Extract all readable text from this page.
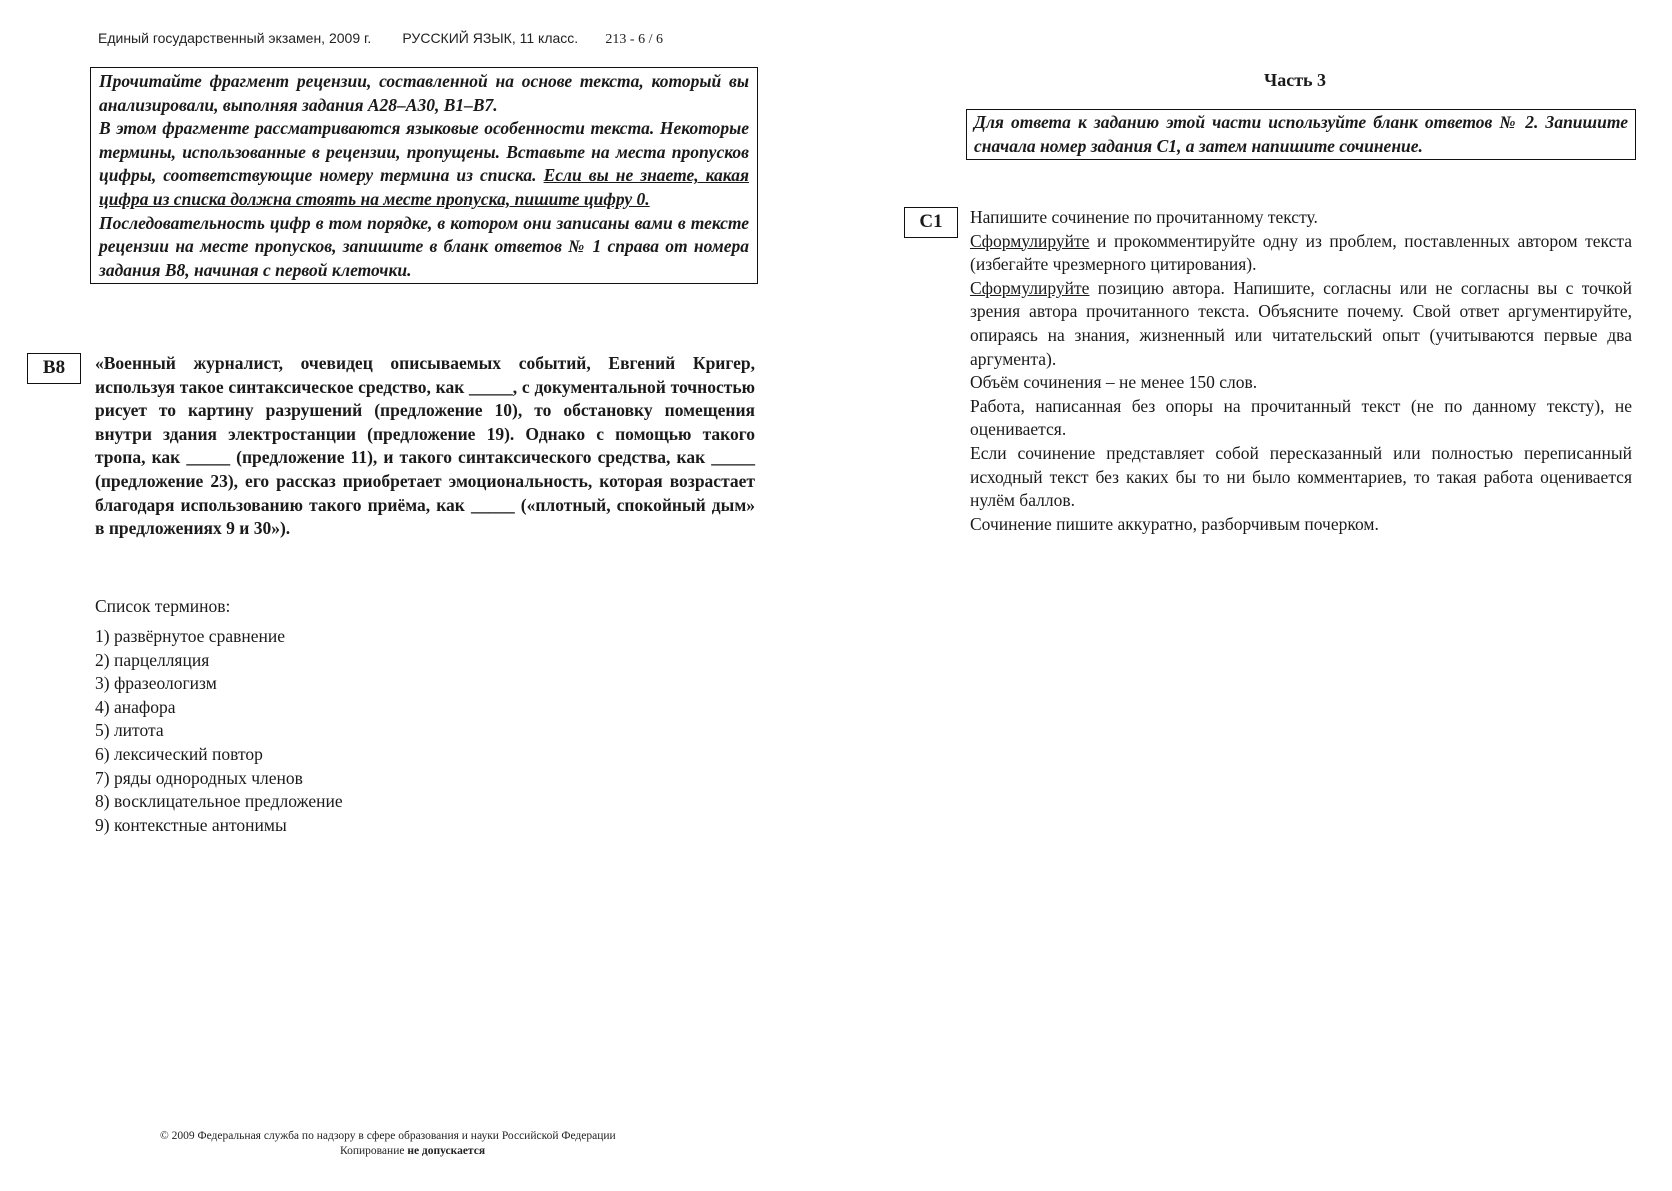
Единый государственный экзамен, 2009 г. РУССКИЙ ЯЗЫК, 11 класс. 213 - 6 / 6

Прочитайте фрагмент рецензии, составленной на основе текста, который вы анализировали, выполняя задания А28–А30, В1–В7.

В этом фрагменте рассматриваются языковые особенности текста. Некоторые термины, использованные в рецензии, пропущены. Вставьте на места пропусков цифры, соответствующие номеру термина из списка. Если вы не знаете, какая цифра из списка должна стоять на месте пропуска, пишите цифру 0.

Последовательность цифр в том порядке, в котором они записаны вами в тексте рецензии на месте пропусков, запишите в бланк ответов № 1 справа от номера задания В8, начиная с первой клеточки.

В8	«Военный журналист, очевидец описываемых событий, Евгений Кригер, используя такое синтаксическое средство, как _____, с документальной точностью рисует то картину разрушений (предложение 10), то обстановку помещения внутри здания электростанции (предложение 19). Однако с помощью такого тропа, как _____ (предложение 11), и такого синтаксического средства, как _____ (предложение 23), его рассказ приобретает эмоциональность, которая возрастает благодаря использованию такого приёма, как _____ («плотный, спокойный дым» в предложениях 9 и 30»).

Список терминов:
1) развёрнутое сравнение
2) парцелляция
3) фразеологизм
4) анафора
5) литота
6) лексический повтор
7) ряды однородных членов
8) восклицательное предложение
9) контекстные антонимы
Часть 3

Для ответа к заданию этой части используйте бланк ответов № 2. Запишите сначала номер задания С1, а затем напишите сочинение.

С1	Напишите сочинение по прочитанному тексту.

Сформулируйте и прокомментируйте одну из проблем, поставленных автором текста (избегайте чрезмерного цитирования).

Сформулируйте позицию автора. Напишите, согласны или не согласны вы с точкой зрения автора прочитанного текста. Объясните почему. Свой ответ аргументируйте, опираясь на знания, жизненный или читательский опыт (учитываются первые два аргумента).

Объём сочинения – не менее 150 слов.

Работа, написанная без опоры на прочитанный текст (не по данному тексту), не оценивается.

Если сочинение представляет собой пересказанный или полностью переписанный исходный текст без каких бы то ни было комментариев, то такая работа оценивается нулём баллов.

Сочинение пишите аккуратно, разборчивым почерком.

© 2009 Федеральная служба по надзору в сфере образования и науки Российской Федерации
Копирование не допускается
